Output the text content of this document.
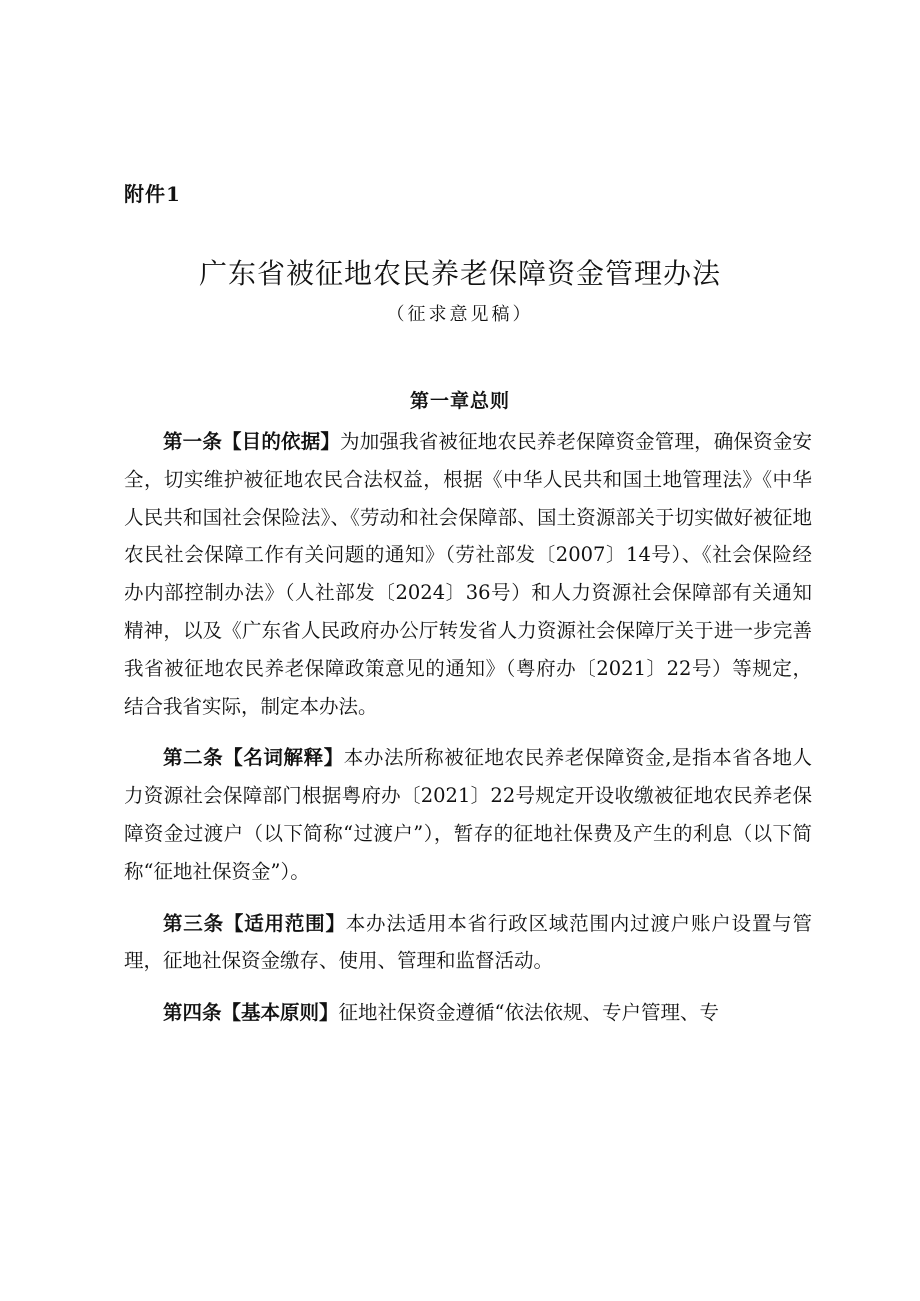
附件1
广东省被征地农民养老保障资金管理办法
（征求意见稿）
第一章总则

第一条【目的依据】为加强我省被征地农民养老保障资金管理，确保资金安全，切实维护被征地农民合法权益，根据《中华人民共和国土地管理法》《中华人民共和国社会保险法》、《劳动和社会保障部、国土资源部关于切实做好被征地农民社会保障工作有关问题的通知》（劳社部发〔2007〕14号）、《社会保险经办内部控制办法》（人社部发〔2024〕36号）和人力资源社会保障部有关通知精神，以及《广东省人民政府办公厅转发省人力资源社会保障厅关于进一步完善我省被征地农民养老保障政策意见的通知》（粤府办〔2021〕22号）等规定，结合我省实际，制定本办法。

第二条【名词解释】本办法所称被征地农民养老保障资金,是指本省各地人力资源社会保障部门根据粤府办〔2021〕22号规定开设收缴被征地农民养老保障资金过渡户（以下简称“过渡户”），暂存的征地社保费及产生的利息（以下简称“征地社保资金”）。

第三条【适用范围】本办法适用本省行政区域范围内过渡户账户设置与管理，征地社保资金缴存、使用、管理和监督活动。

第四条【基本原则】征地社保资金遵循“依法依规、专户管理、专
